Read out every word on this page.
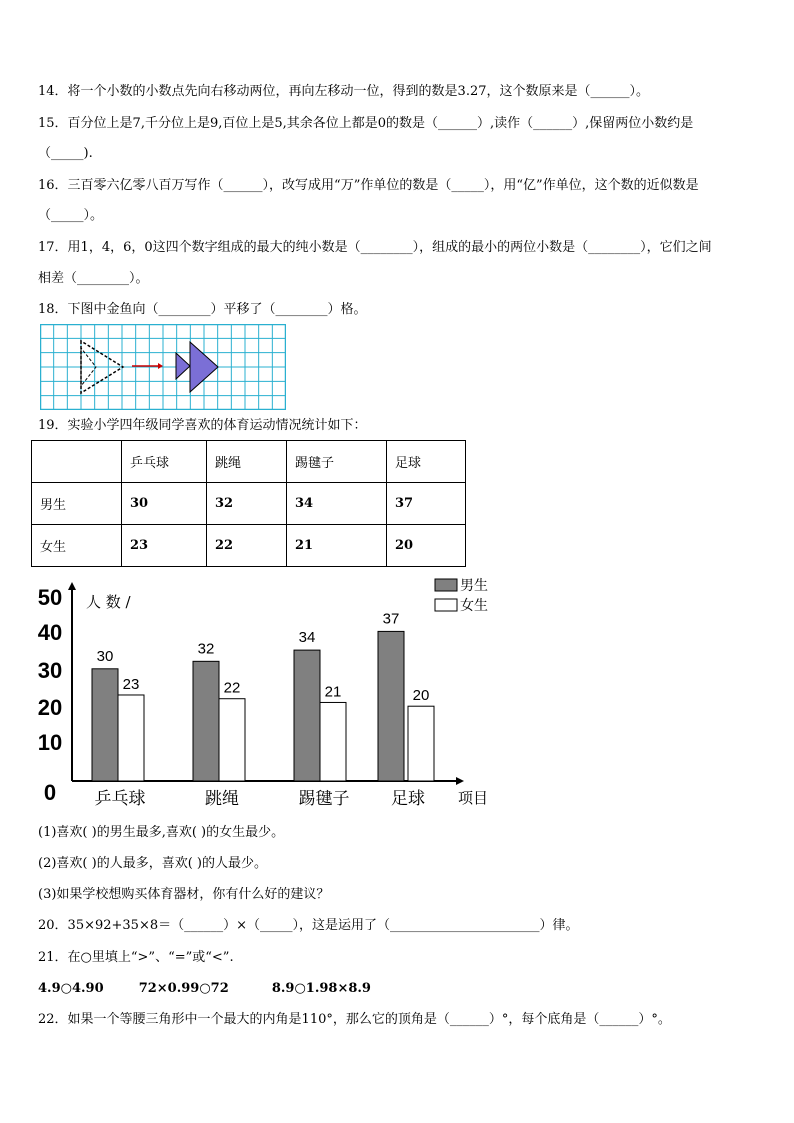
14．将一个小数的小数点先向右移动两位，再向左移动一位，得到的数是3.27，这个数原来是（______）。
15．百分位上是7,千分位上是9,百位上是5,其余各位上都是0的数是（______）,读作（______）,保留两位小数约是
（_____).
16．三百零六亿零八百万写作（______），改写成用“万”作单位的数是（_____），用“亿”作单位，这个数的近似数是
（_____）。
17．用1，4，6，0这四个数字组成的最大的纯小数是（________），组成的最小的两位小数是（________），它们之间
相差（________）。
18．下图中金鱼向（________）平移了（________）格。
19．实验小学四年级同学喜欢的体育运动情况统计如下：
	乒乓球	跳绳	踢毽子	足球
男生	30	32	34	37
女生	23	22	21	20
0
10
20
30
40
50 人 数 /
项目
30
23
乒乓球
32
22
跳绳
34
21
踢毽子
37
20
足球
男生
女生
(1)喜欢( )的男生最多,喜欢( )的女生最少。
(2)喜欢( )的人最多，喜欢( )的人最少。
(3)如果学校想购买体育器材，你有什么好的建议？
20．35×92+35×8＝（______）×（_____），这是运用了（_______________________）律。
21．在○里填上“>”、“=”或“<”.
4.9○4.90	72×0.99○72	8.9○1.98×8.9
22．如果一个等腰三角形中一个最大的内角是110°，那么它的顶角是（______）°，每个底角是（______）°。
